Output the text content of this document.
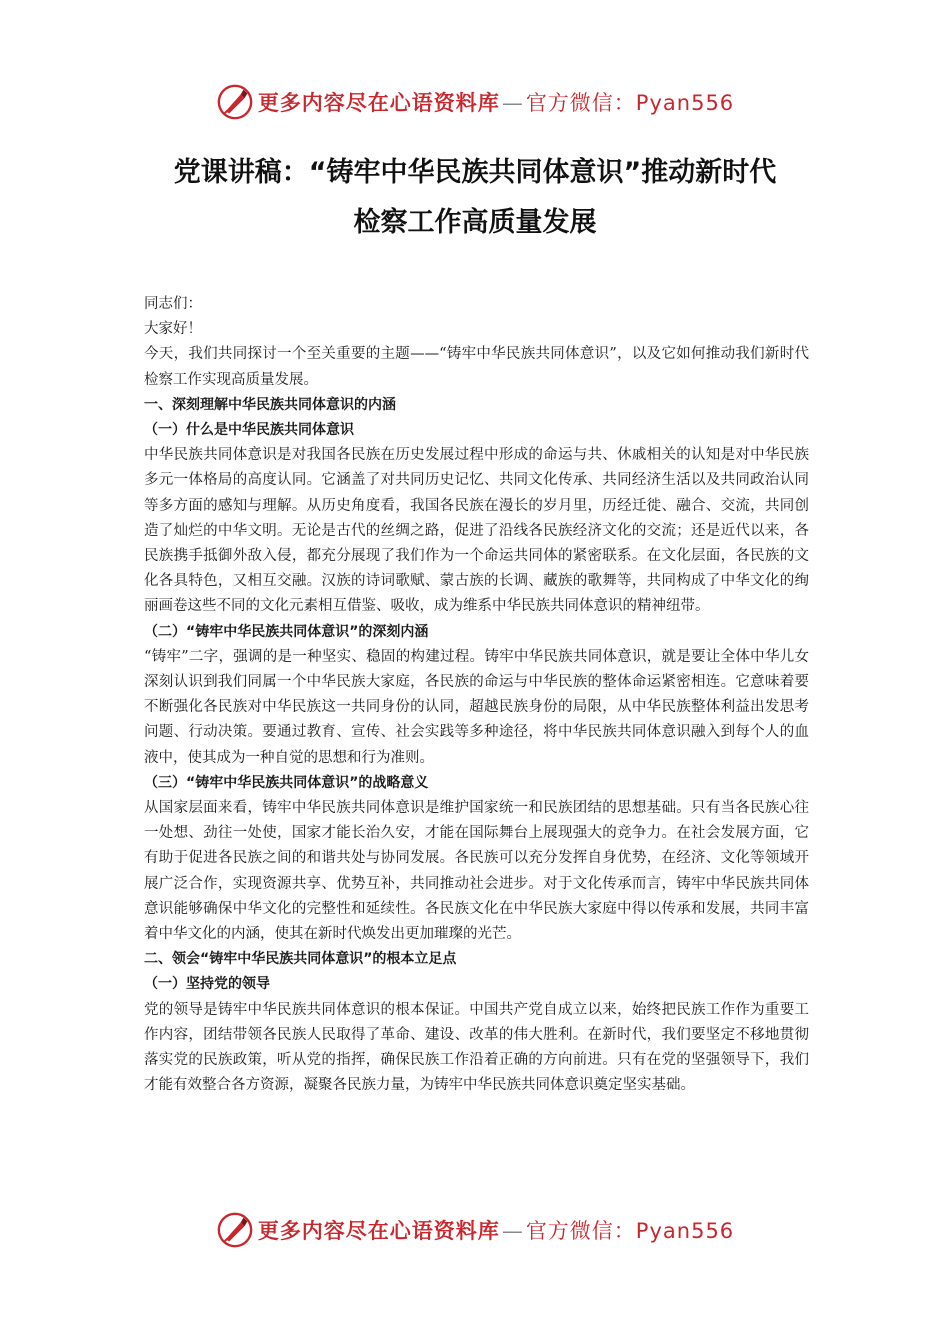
更多内容尽在心语资料库—官方微信：Pyan556
党课讲稿：“铸牢中华民族共同体意识”推动新时代
检察工作高质量发展

同志们：

大家好！

今天，我们共同探讨一个至关重要的主题——“铸牢中华民族共同体意识”，以及它如何推动我们新时代检察工作实现高质量发展。

一、深刻理解中华民族共同体意识的内涵

（一）什么是中华民族共同体意识

中华民族共同体意识是对我国各民族在历史发展过程中形成的命运与共、休戚相关的认知是对中华民族多元一体格局的高度认同。它涵盖了对共同历史记忆、共同文化传承、共同经济生活以及共同政治认同等多方面的感知与理解。从历史角度看，我国各民族在漫长的岁月里，历经迁徙、融合、交流，共同创造了灿烂的中华文明。无论是古代的丝绸之路，促进了沿线各民族经济文化的交流；还是近代以来，各民族携手抵御外敌入侵，都充分展现了我们作为一个命运共同体的紧密联系。在文化层面，各民族的文化各具特色，又相互交融。汉族的诗词歌赋、蒙古族的长调、藏族的歌舞等，共同构成了中华文化的绚丽画卷这些不同的文化元素相互借鉴、吸收，成为维系中华民族共同体意识的精神纽带。

（二）“铸牢中华民族共同体意识”的深刻内涵

“铸牢”二字，强调的是一种坚实、稳固的构建过程。铸牢中华民族共同体意识，就是要让全体中华儿女深刻认识到我们同属一个中华民族大家庭，各民族的命运与中华民族的整体命运紧密相连。它意味着要不断强化各民族对中华民族这一共同身份的认同，超越民族身份的局限，从中华民族整体利益出发思考问题、行动决策。要通过教育、宣传、社会实践等多种途径，将中华民族共同体意识融入到每个人的血液中，使其成为一种自觉的思想和行为准则。

（三）“铸牢中华民族共同体意识”的战略意义

从国家层面来看，铸牢中华民族共同体意识是维护国家统一和民族团结的思想基础。只有当各民族心往一处想、劲往一处使，国家才能长治久安，才能在国际舞台上展现强大的竞争力。在社会发展方面，它有助于促进各民族之间的和谐共处与协同发展。各民族可以充分发挥自身优势，在经济、文化等领域开展广泛合作，实现资源共享、优势互补，共同推动社会进步。对于文化传承而言，铸牢中华民族共同体意识能够确保中华文化的完整性和延续性。各民族文化在中华民族大家庭中得以传承和发展，共同丰富着中华文化的内涵，使其在新时代焕发出更加璀璨的光芒。

二、领会“铸牢中华民族共同体意识”的根本立足点

（一）坚持党的领导

党的领导是铸牢中华民族共同体意识的根本保证。中国共产党自成立以来，始终把民族工作作为重要工作内容，团结带领各民族人民取得了革命、建设、改革的伟大胜利。在新时代，我们要坚定不移地贯彻落实党的民族政策，听从党的指挥，确保民族工作沿着正确的方向前进。只有在党的坚强领导下，我们才能有效整合各方资源，凝聚各民族力量，为铸牢中华民族共同体意识奠定坚实基础。

更多内容尽在心语资料库—官方微信：Pyan556
